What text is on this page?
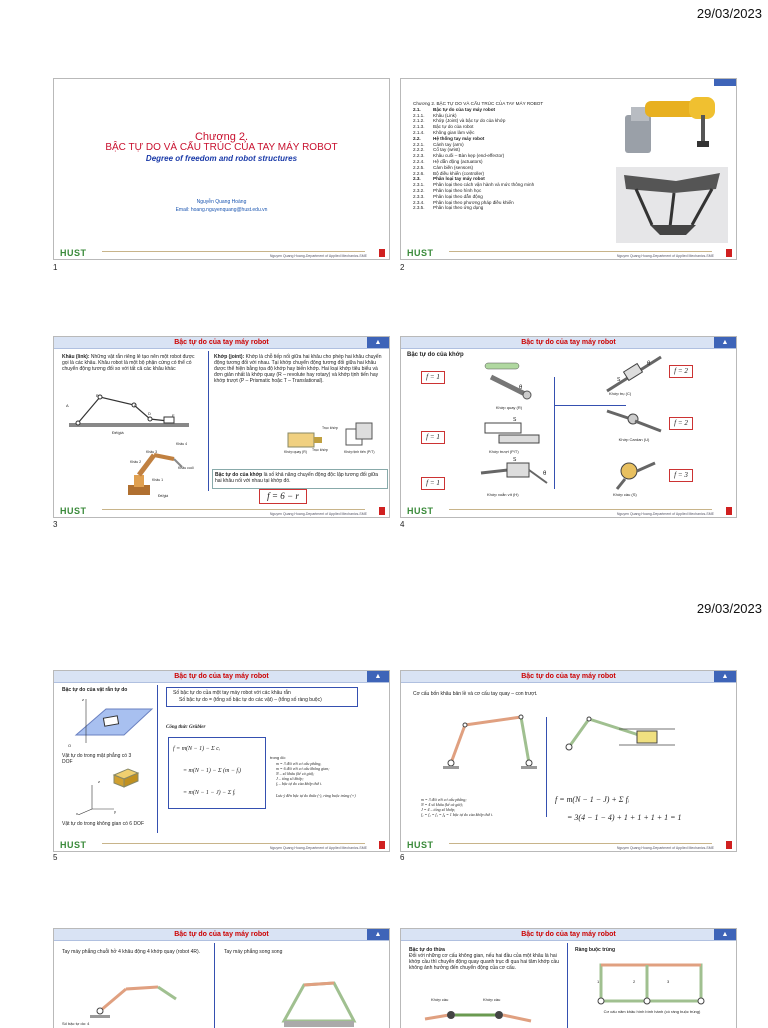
29/03/2023
29/03/2023
Chương 2.
BẬC TỰ DO VÀ CẤU TRÚC CỦA TAY MÁY ROBOT
Degree of freedom and robot structures
Nguyễn Quang Hoàng
Email: hoang.nguyenquang@hust.edu.vn
HUST	Nguyen Quang Hoang-Department of Applied Mechanics-SME
1
Chương 2. BẬC TỰ DO VÀ CẤU TRÚC CỦA TAY MÁY ROBOT
2.1.	Bậc tự do của tay máy robot
2.1.1. Khâu (Link)
2.1.2. Khớp (Joint) và bậc tự do của khớp
2.1.3. Bậc tự do của robot
2.1.4. Không gian làm việc
2.2.	Hệ thống tay máy robot
2.2.1. Cánh tay (arm)
2.2.2. Cổ tay (wrist)
2.2.3. Khâu cuối – Bàn kẹp (end-effector)
2.2.4. Hệ dẫn động (actuators)
2.2.5. Cảm biến (sensors)
2.2.6. Bộ điều khiển (controller)
2.3.	Phân loại tay máy robot
2.3.1. Phân loại theo cách vận hành và mức thông minh
2.3.2. Phân loại theo hình học
2.3.3. Phân loại theo dẫn động
2.3.4. Phân loại theo phương pháp điều khiển
2.3.5. Phân loại theo ứng dụng
HUST	Nguyen Quang Hoang-Department of Applied Mechanics-SME
2
Bậc tự do của tay máy robot	▲
Khâu (link): Những vật rắn riêng lẻ tạo nên một robot được gọi là các khâu. Khâu robot là một bộ phận cứng có thể có chuyển động tương đối so với tất cả các khâu khác
Khớp (joint): Khớp là chỗ tiếp nối giữa hai khâu cho phép hai khâu chuyển động tương đối với nhau. Tại khớp chuyển động tương đối giữa hai khâu được thể hiện bằng tọa độ khớp hay biến khớp. Hai loại khớp tiêu biểu và đơn giản nhất là khớp quay (R – revolute hay rotary) và khớp tịnh tiến hay khớp trượt (P – Prismatic hoặc T – Translational).
Đế/giá
A
B
C
D	E
Khâu 4
Khâu 3
Khâu 2
Khâu cuối
Khâu 1
Đế/giá
Trục khớp
Khớp quay (R) Trục khớp	Khớp tịnh tiến (P/T)
Bậc tự do của khớp là số khả năng chuyển động độc lập tương đối giữa hai khâu nối với nhau tại khớp đó.
f = 6 − r
HUST	Nguyen Quang Hoang-Department of Applied Mechanics-SME
3
Bậc tự do của tay máy robot	▲
Bậc tự do của khớp
f = 1
f = 2
f = 1
f = 2
f = 1
f = 3
θ
Khớp quay (R)
θ
S
Khớp trụ (C)
S
Khớp trượt (P/T)
Khớp Cardan (U)
S
θ
Khớp xoắn vít (H)	Khớp cầu (S)
HUST	Nguyen Quang Hoang-Department of Applied Mechanics-SME
4
Bậc tự do của tay máy robot	▲
Bậc tự do của vật rắn tự do
z
O
Vật tự do trong mặt phẳng có 3 DOF
z
y
x
Vật tự do trong không gian có 6 DOF
Số bậc tự do của một tay máy robot với các khâu rắn
Số bậc tự do = (tổng số bậc tự do các vật) – (tổng số ràng buộc)
Công thức Grübler
f = m(N − 1) − Σ cᵢ
= m(N − 1) − Σ (m − fᵢ)
= m(N − 1 − J) − Σ fᵢ
trong đó:
m = 3 đối với cơ cấu phẳng,
m = 6 đối với cơ cấu không gian;
N – số khâu (kể cả giá);
J – tổng số khớp;
fᵢ – bậc tự do của khớp thứ i.
Lưu ý đến bậc tự do thừa (-), ràng buộc trùng (+)
HUST	Nguyen Quang Hoang-Department of Applied Mechanics-SME
5
Bậc tự do của tay máy robot	▲
Cơ cấu bốn khâu bản lề và cơ cấu tay quay – con trượt.
m = 3 đối với cơ cấu phẳng;
N = 4 số khâu (kể cả giá);
J = 4 – tổng số khớp;
f₁ = f₂ = f₃ = f₄ = 1 bậc tự do của khớp thứ i.
f = m(N − 1 − J) + Σ fᵢ
= 3(4 − 1 − 4) + 1 + 1 + 1 + 1 = 1
HUST	Nguyen Quang Hoang-Department of Applied Mechanics-SME
6
Bậc tự do của tay máy robot	▲
Tay máy phẳng chuỗi hở 4 khâu động 4 khớp quay (robot 4R).	Tay máy phẳng song song
Số bậc tự do: 4
Bậc tự do của tay máy robot	▲
Bậc tự do thừa
Đối với những cơ cấu không gian, nếu hai đầu của một khâu là hai khớp cầu thì chuyển động quay quanh trục đi qua hai tâm khớp cầu không ảnh hưởng đến chuyển động của cơ cấu.
Khớp cầu	Khớp cầu
Ràng buộc trùng
1	2	3
Cơ cấu năm khâu hình bình hành (có ràng buộc trùng)
